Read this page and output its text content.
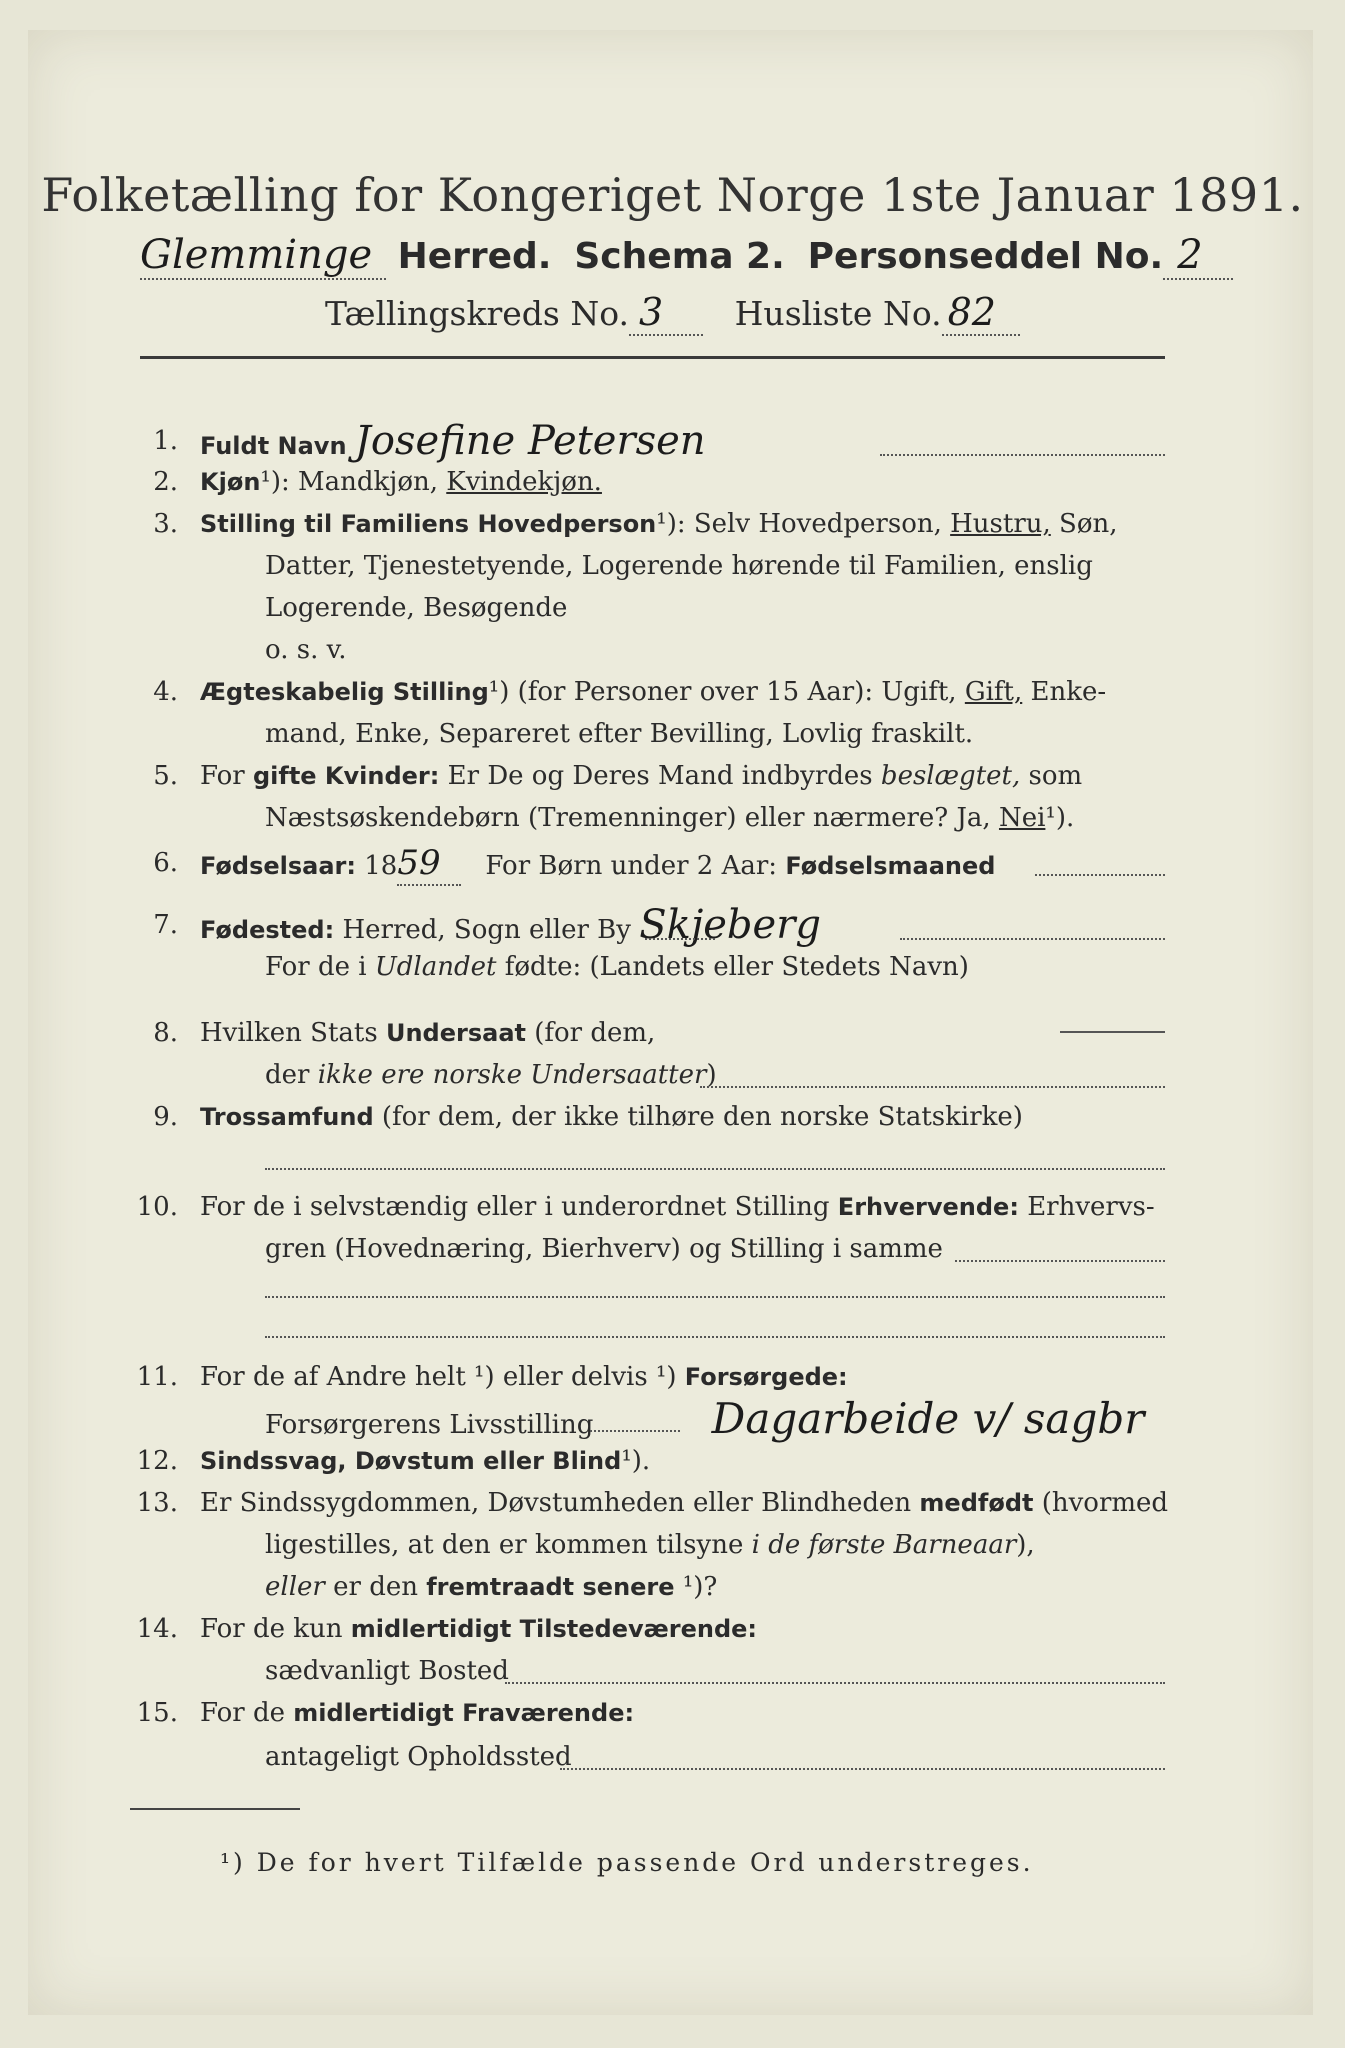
Folketælling for Kongeriget Norge 1ste Januar 1891.
Glemminge Herred. Schema 2. Personseddel No. 2
Tællingskreds No. 3 Husliste No. 82
1. Fuldt Navn Josefine Petersen
2. Kjøn¹): Mandkjøn, Kvindekjøn.
3. Stilling til Familiens Hovedperson¹): Selv Hovedperson, Hustru, Søn,
Datter, Tjenestetyende, Logerende hørende til Familien, enslig
Logerende, Besøgende
o. s. v.
4. Ægteskabelig Stilling¹) (for Personer over 15 Aar): Ugift, Gift, Enke-
mand, Enke, Separeret efter Bevilling, Lovlig fraskilt.
5. For gifte Kvinder: Er De og Deres Mand indbyrdes beslægtet, som
Næstsøskendebørn (Tremenninger) eller nærmere? Ja, Nei¹).
6. Fødselsaar: 1859 For Børn under 2 Aar: Fødselsmaaned
7. Fødested: Herred, Sogn eller By Skjeberg
For de i Udlandet fødte: (Landets eller Stedets Navn)
8. Hvilken Stats Undersaat (for dem,
der ikke ere norske Undersaatter)
9. Trossamfund (for dem, der ikke tilhøre den norske Statskirke)
10. For de i selvstændig eller i underordnet Stilling Erhvervende: Erhvervs-
gren (Hovednæring, Bierhverv) og Stilling i samme
11. For de af Andre helt ¹) eller delvis ¹) Forsørgede:
Forsørgerens Livsstilling	Dagarbeide v/ sagbr
12. Sindssvag, Døvstum eller Blind¹).
13. Er Sindssygdommen, Døvstumheden eller Blindheden medfødt (hvormed
ligestilles, at den er kommen tilsyne i de første Barneaar),
eller er den fremtraadt senere ¹)?
14. For de kun midlertidigt Tilstedeværende:
sædvanligt Bosted
15. For de midlertidigt Fraværende:
antageligt Opholdssted
¹) De for hvert Tilfælde passende Ord understreges.
